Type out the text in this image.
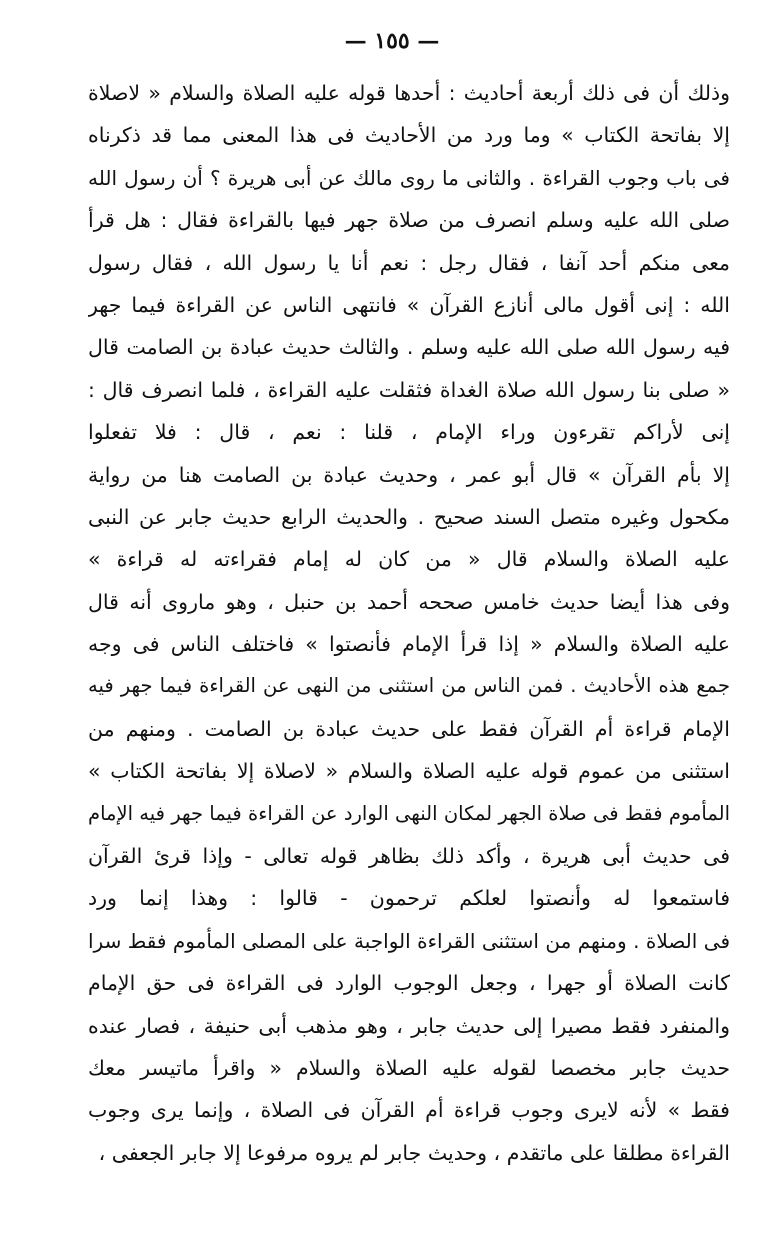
— ١٥٥ —
وذلك أن فى ذلك أربعة أحاديث : أحدها قوله عليه الصلاة والسلام « لاصلاة
إلا بفاتحة الكتاب » وما ورد من الأحاديث فى هذا المعنى مما قد ذكرناه
فى باب وجوب القراءة . والثانى ما روى مالك عن أبى هريرة ؟ أن رسول الله
صلى الله عليه وسلم انصرف من صلاة جهر فيها بالقراءة فقال : هل قرأ
معى منكم أحد آنفا ، فقال رجل : نعم أنا يا رسول الله ، فقال رسول
الله : إنى أقول مالى أنازع القرآن » فانتهى الناس عن القراءة فيما جهر
فيه رسول الله صلى الله عليه وسلم . والثالث حديث عبادة بن الصامت قال
« صلى بنا رسول الله صلاة الغداة فثقلت عليه القراءة ، فلما انصرف قال :
إنى لأراكم تقرءون وراء الإمام ، قلنا : نعم ، قال : فلا تفعلوا
إلا بأم القرآن » قال أبو عمر ، وحديث عبادة بن الصامت هنا من رواية
مكحول وغيره متصل السند صحيح . والحديث الرابع حديث جابر عن النبى
عليه الصلاة والسلام قال « من كان له إمام فقراءته له قراءة »
وفى هذا أيضا حديث خامس صححه أحمد بن حنبل ، وهو ماروى أنه قال
عليه الصلاة والسلام « إذا قرأ الإمام فأنصتوا » فاختلف الناس فى وجه
جمع هذه الأحاديث . فمن الناس من استثنى من النهى عن القراءة فيما جهر فيه
الإمام قراءة أم القرآن فقط على حديث عبادة بن الصامت . ومنهم من
استثنى من عموم قوله عليه الصلاة والسلام « لاصلاة إلا بفاتحة الكتاب »
المأموم فقط فى صلاة الجهر لمكان النهى الوارد عن القراءة فيما جهر فيه الإمام
فى حديث أبى هريرة ، وأكد ذلك بظاهر قوله تعالى - وإذا قرئ القرآن
فاستمعوا له وأنصتوا لعلكم ترحمون - قالوا : وهذا إنما ورد
فى الصلاة . ومنهم من استثنى القراءة الواجبة على المصلى المأموم فقط سرا
كانت الصلاة أو جهرا ، وجعل الوجوب الوارد فى القراءة فى حق الإمام
والمنفرد فقط مصيرا إلى حديث جابر ، وهو مذهب أبى حنيفة ، فصار عنده
حديث جابر مخصصا لقوله عليه الصلاة والسلام « واقرأ ماتيسر معك
فقط » لأنه لايرى وجوب قراءة أم القرآن فى الصلاة ، وإنما يرى وجوب
القراءة مطلقا على ماتقدم ، وحديث جابر لم يروه مرفوعا إلا جابر الجعفى ،
